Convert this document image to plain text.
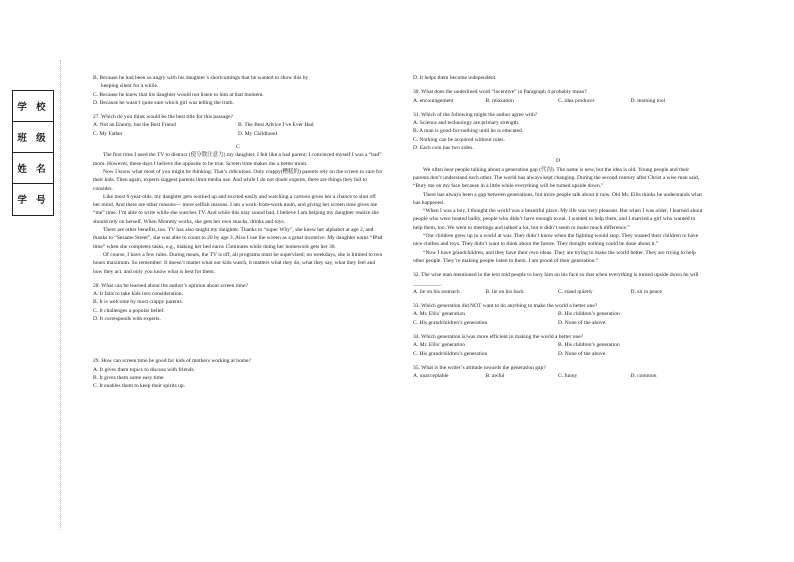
学 校
班 级
姓 名
学 号

B. Because he had been so angry with his daughter’s shortcomings that he wanted to show this by

keeping silent for a while.

C. Because he knew that his daughter would not listen to him at that moment.

D. Because he wasn’t quite sure which girl was telling the truth.

27. Which do you think would be the best title for this passage?

A. Not an Enemy, but the Best Friend	B. The Best Advice I’ve Ever Had
C. My Father	D. My Childhood

C

The first time I used the TV to distract (使分散注意力) my daughter, I felt like a bad parent; I convinced myself I was a “bad” mom. However, these days I believe the opposite to be true. Screen time makes me a better mom.

Now I know what most of you might be thinking: That’s ridiculous. Only crappy(糟糕的) parents rely on the screen to care for their kids. Then again, experts suggest parents limit media use. And while I do not doubt experts, there are things they fail to consider.

Like most 6-year-olds, my daughter gets worked up and excited easily and watching a cartoon gives her a chance to shut off her mind. And there are other reasons— more selfish reasons. I am a work-from-work mom, and giving her screen time gives me “me” time. I’m able to write while she watches TV. And while this may sound bad, I believe I am helping my daughter realize she should rely on herself. When Mommy works, she gets her own snacks, drinks and toys.

There are other benefits, too. TV has also taught my daughter. Thanks to “super Why”, she knew her alphabet at age 2, and thanks to “Sesame Street”, she was able to count to 20 by age 3. Also I use the screen as a great incentive. My daughter earns “IPad time” when she completes tasks, e.g., making her bed earns 15minutes while doing her homework gets her 30.

Of course, I have a few rules. During meals, the TV is off, all programs must be supervised; on weekdays, she is limited to two hours maximum. So remember: It doesn’t matter what our kids watch, it matters what they do, what they say, what they feel and how they act, and only you know what is best for them.

28. What can be learned about the author’s opinion about screen time?

A. It fails to take kids into consideration.

B. It is welcome by most crappy parents.

C. It challenges a popular belief.

D. It corresponds with experts.

29. How can screen time be good for kids of mothers working at home?

A. It gives them topics to discuss with friends.

B. It gives them some easy time.

C. It enables them to keep their spirits up.

D. It helps them become independent.

30. What does the underlined word “incentive” in Paragraph 4 probably mean?

A. encouragement	B. relaxation	C. idea producer	D. learning tool

31. Which of the following might the author agree with?

A. Science and technology are primary strength.

B. A man is good-for-nothing until he is educated.

C. Nothing can be acquired without rules.

D. Each coin has two sides.

D

We often hear people talking about a generation gap (代沟). The name is new, but the idea is old. Young people and their parents don’t understand each other. The world has always kept changing. During the second century after Christ a wise man said, “Bury me on my face because in a little while everything will be turned upside down.”

There has always been a gap between generations, but more people talk about it now. Old Mr. Ellis thinks he understands what has happened.

“When I was a boy, I thought the world was a beautiful place. My life was very pleasant. But when I was older, I learned about people who were treated badly, people who didn’t have enough to eat. I wanted to help them, and I married a girl who wanted to help them, too. We went to meetings and talked a lot, but it didn’t seem to make much difference.”

“Our children grew up in a world at war. They didn’t know when the fighting would stop. They wanted their children to have nice clothes and toys. They didn’t want to think about the future. They thought nothing could be done about it.”

“Now I have grandchildren, and they have their own ideas. They are trying to make the world better. They are trying to help other people. They’re making people listen to them. I am proud of their generation.”

32. The wise man mentioned in the text told people to bury him on his face so that when everything is turned upside down he will __________.

A. lie on his stomach	B. lie on his back	C. stand quietly	D. sit in peace

33. Which generation did NOT want to do anything to make the world a better one?

A. Mr. Ellis’ generation	B. His children’s generation
C. His grandchildren’s generation	D. None of the above.

34. Which generation is/was more efficient in making the world a better one?

A. Mr. Ellis’ generation	B. His children’s generation
C. His grandchildren’s generation	D. None of the above.

35. What is the writer’s attitude towards the generation gap?

A. unacceptable	B. awful	C. funny	D. common
